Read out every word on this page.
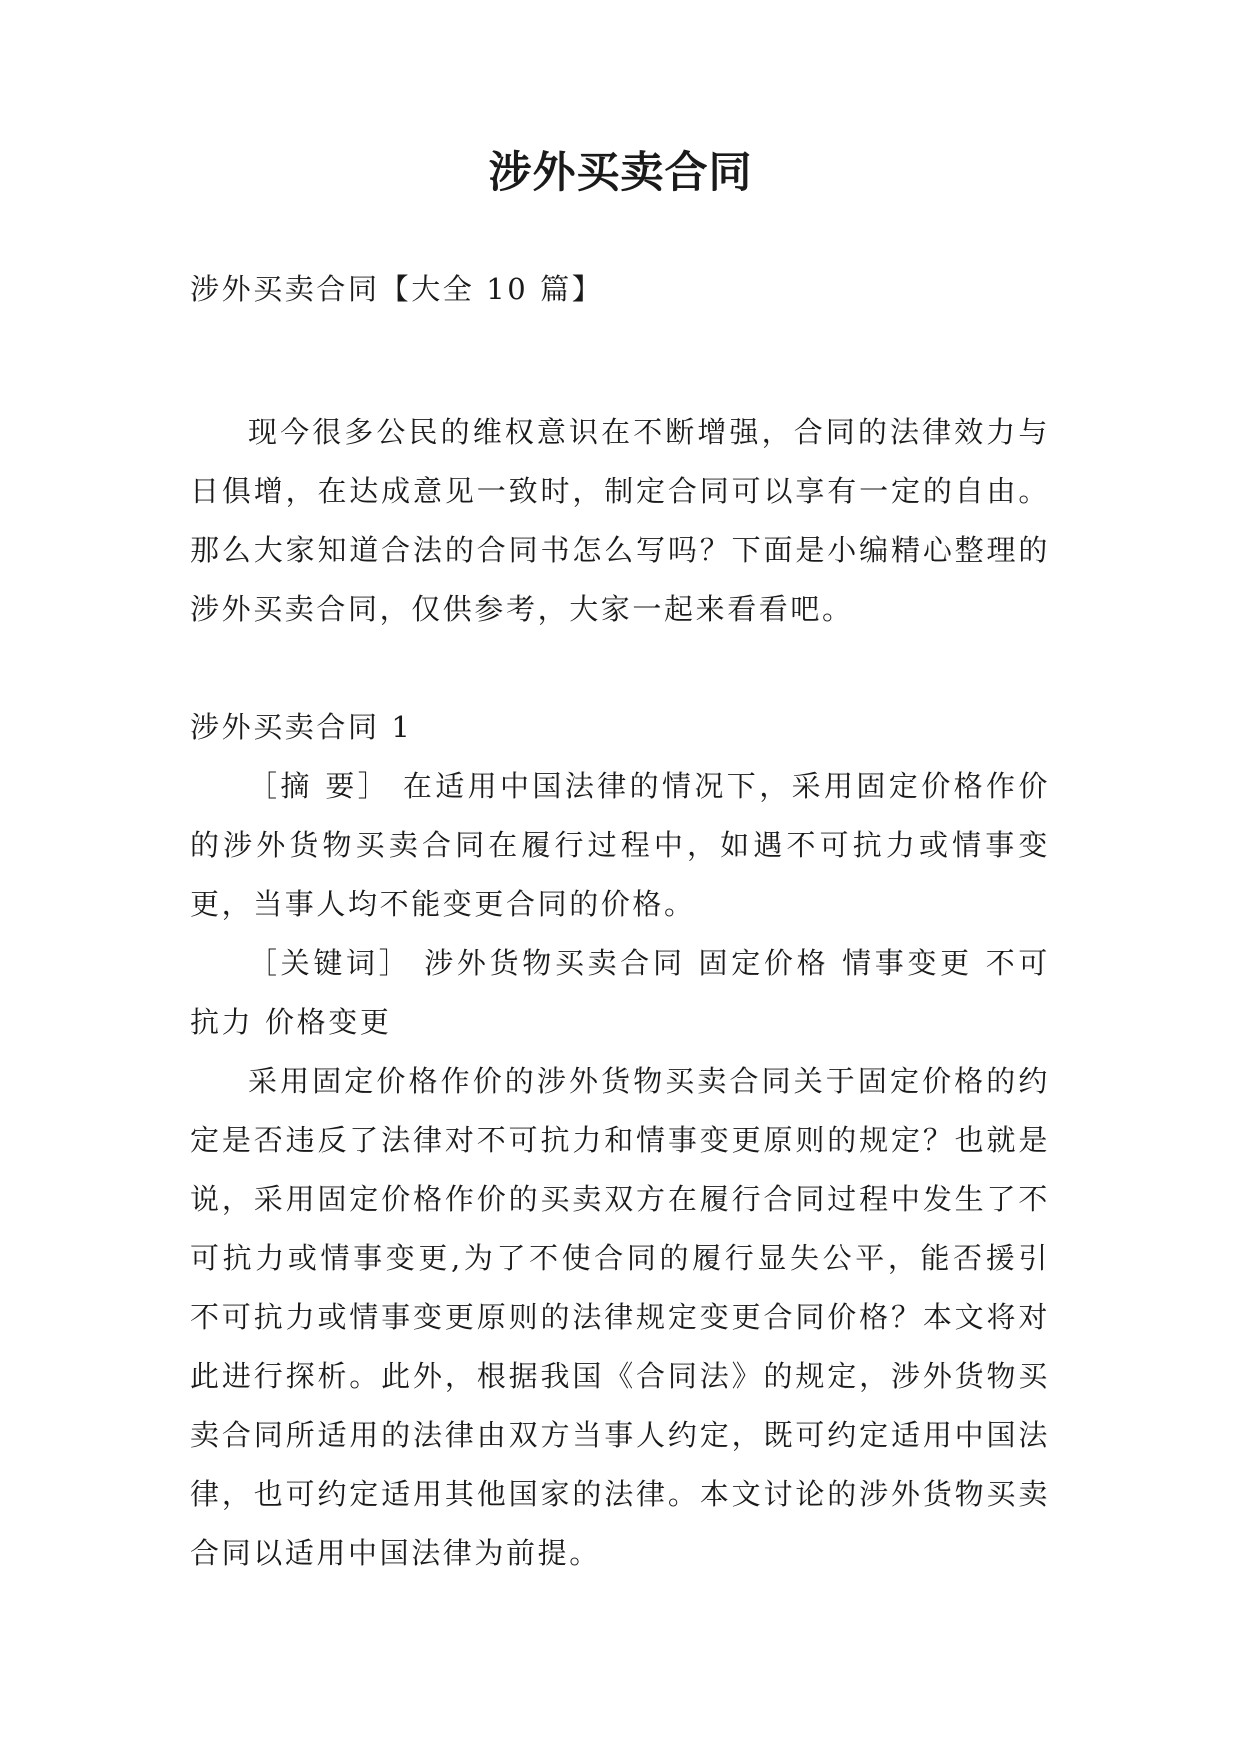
涉外买卖合同

涉外买卖合同【大全 10 篇】

现今很多公民的维权意识在不断增强，合同的法律效力与日俱增，在达成意见一致时，制定合同可以享有一定的自由。那么大家知道合法的合同书怎么写吗？下面是小编精心整理的涉外买卖合同，仅供参考，大家一起来看看吧。

涉外买卖合同 1

［摘 要］ 在适用中国法律的情况下，采用固定价格作价的涉外货物买卖合同在履行过程中，如遇不可抗力或情事变更，当事人均不能变更合同的价格。

［关键词］ 涉外货物买卖合同 固定价格 情事变更 不可抗力 价格变更

采用固定价格作价的涉外货物买卖合同关于固定价格的约定是否违反了法律对不可抗力和情事变更原则的规定？也就是说，采用固定价格作价的买卖双方在履行合同过程中发生了不可抗力或情事变更,为了不使合同的履行显失公平，能否援引不可抗力或情事变更原则的法律规定变更合同价格？本文将对此进行探析。此外，根据我国《合同法》的规定，涉外货物买卖合同所适用的法律由双方当事人约定，既可约定适用中国法律，也可约定适用其他国家的法律。本文讨论的涉外货物买卖合同以适用中国法律为前提。
